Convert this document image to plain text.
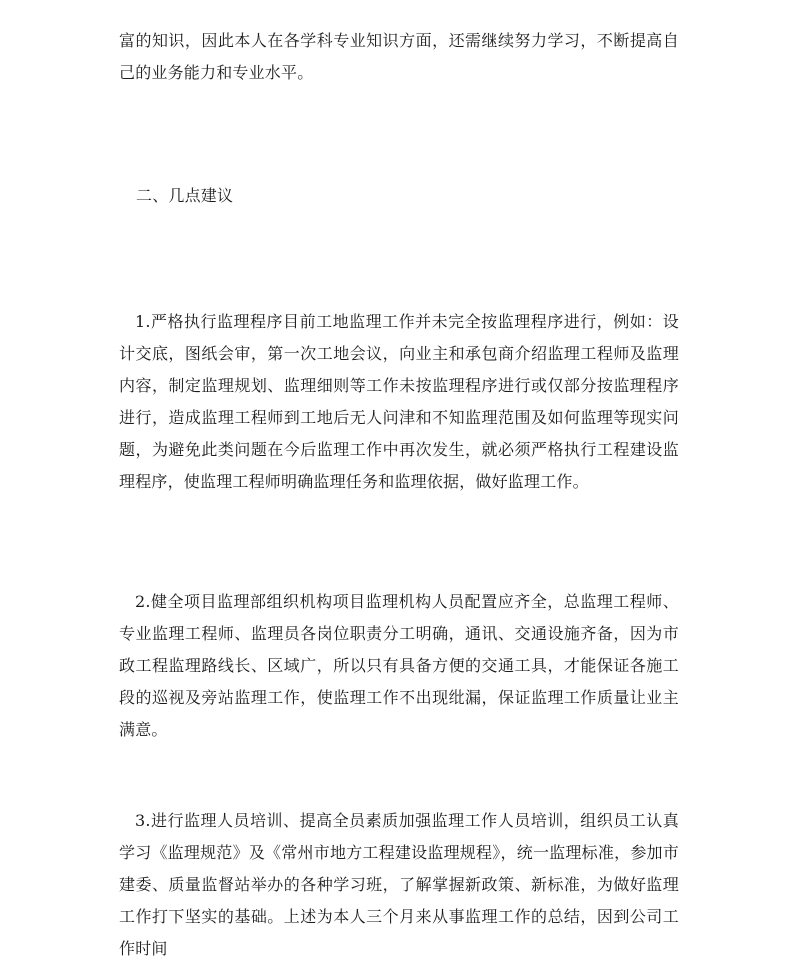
富的知识，因此本人在各学科专业知识方面，还需继续努力学习，不断提高自己的业务能力和专业水平。

二、几点建议

1.严格执行监理程序目前工地监理工作并未完全按监理程序进行，例如：设计交底，图纸会审，第一次工地会议，向业主和承包商介绍监理工程师及监理内容，制定监理规划、监理细则等工作未按监理程序进行或仅部分按监理程序进行，造成监理工程师到工地后无人问津和不知监理范围及如何监理等现实问题，为避免此类问题在今后监理工作中再次发生，就必须严格执行工程建设监理程序，使监理工程师明确监理任务和监理依据，做好监理工作。

2.健全项目监理部组织机构项目监理机构人员配置应齐全，总监理工程师、专业监理工程师、监理员各岗位职责分工明确，通讯、交通设施齐备，因为市政工程监理路线长、区域广，所以只有具备方便的交通工具，才能保证各施工段的巡视及旁站监理工作，使监理工作不出现纰漏，保证监理工作质量让业主满意。

3.进行监理人员培训、提高全员素质加强监理工作人员培训，组织员工认真学习《监理规范》及《常州市地方工程建设监理规程》，统一监理标准，参加市建委、质量监督站举办的各种学习班，了解掌握新政策、新标准，为做好监理工作打下坚实的基础。上述为本人三个月来从事监理工作的总结，因到公司工作时间
